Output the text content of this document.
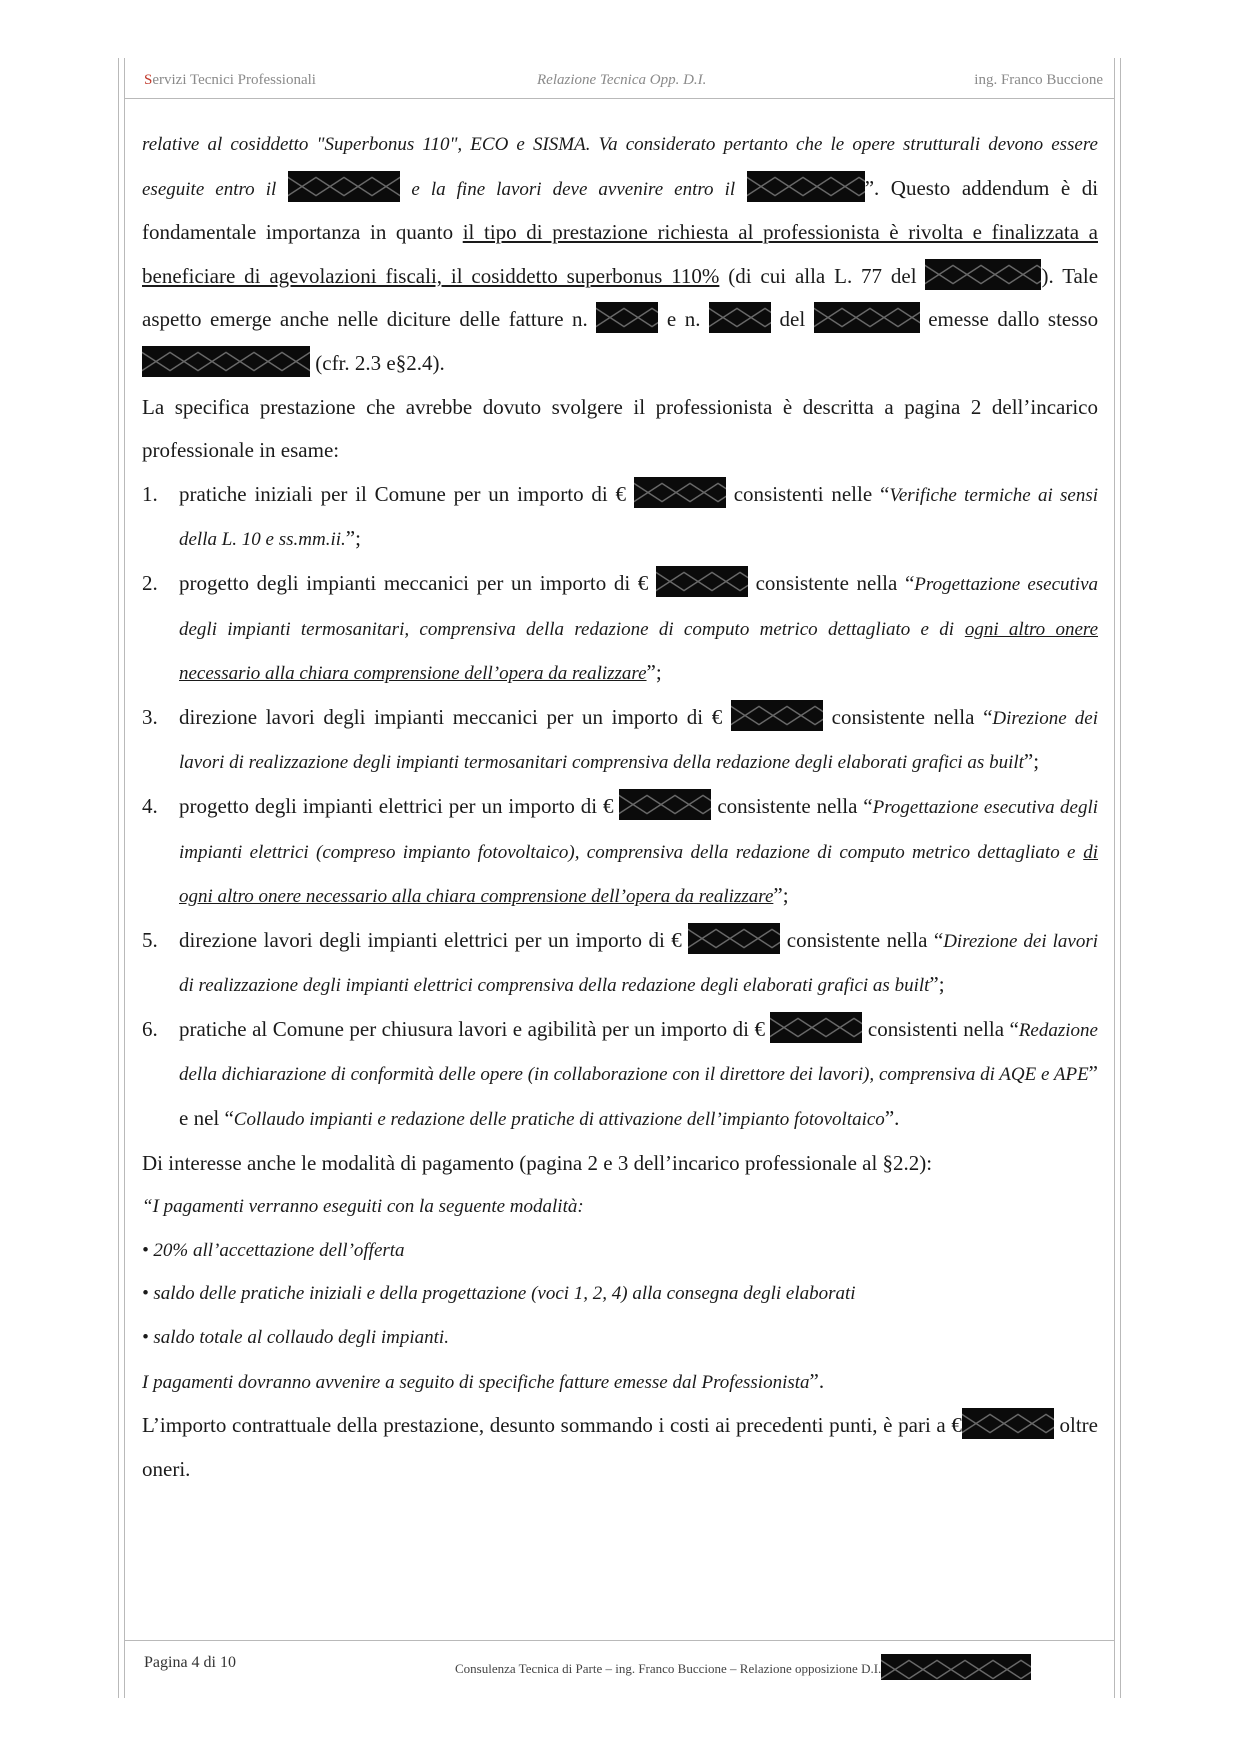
Servizi Tecnici Professionali	Relazione Tecnica Opp. D.I.	ing. Franco Buccione

relative al cosiddetto "Superbonus 110", ECO e SISMA. Va considerato pertanto che le opere strutturali devono essere eseguite entro il	e la fine lavori deve avvenire entro il	”. Questo addendum è di fondamentale importanza in quanto il tipo di prestazione richiesta al professionista è rivolta e finalizzata a beneficiare di agevolazioni fiscali, il cosiddetto superbonus 110% (di cui alla L. 77 del	). Tale aspetto emerge anche nelle diciture delle fatture n.	e n.	del	emesse dallo stesso  (cfr. 2.3 e§2.4).

La specifica prestazione che avrebbe dovuto svolgere il professionista è descritta a pagina 2 dell’incarico professionale in esame:

1. pratiche iniziali per il Comune per un importo di €	consistenti nelle “Verifiche termiche ai sensi della L. 10 e ss.mm.ii.”;
2. progetto degli impianti meccanici per un importo di €	consistente nella “Progettazione esecutiva degli impianti termosanitari, comprensiva della redazione di computo metrico dettagliato e di ogni altro onere necessario alla chiara comprensione dell’opera da realizzare”;
3. direzione lavori degli impianti meccanici per un importo di €	consistente nella “Direzione dei lavori di realizzazione degli impianti termosanitari comprensiva della redazione degli elaborati grafici as built”;
4. progetto degli impianti elettrici per un importo di €	consistente nella “Progettazione esecutiva degli impianti elettrici (compreso impianto fotovoltaico), comprensiva della redazione di computo metrico dettagliato e di ogni altro onere necessario alla chiara comprensione dell’opera da realizzare”;
5. direzione lavori degli impianti elettrici per un importo di €	consistente nella “Direzione dei lavori di realizzazione degli impianti elettrici comprensiva della redazione degli elaborati grafici as built”;
6. pratiche al Comune per chiusura lavori e agibilità per un importo di €	consistenti nella “Redazione della dichiarazione di conformità delle opere (in collaborazione con il direttore dei lavori), comprensiva di AQE e APE” e nel “Collaudo impianti e redazione delle pratiche di attivazione dell’impianto fotovoltaico”.

Di interesse anche le modalità di pagamento (pagina 2 e 3 dell’incarico professionale al §2.2):

“I pagamenti verranno eseguiti con la seguente modalità:

• 20% all’accettazione dell’offerta

• saldo delle pratiche iniziali e della progettazione (voci 1, 2, 4) alla consegna degli elaborati

• saldo totale al collaudo degli impianti.

I pagamenti dovranno avvenire a seguito di specifiche fatture emesse dal Professionista”.

L’importo contrattuale della prestazione, desunto sommando i costi ai precedenti punti, è pari a €	oltre oneri.

Pagina 4 di 10	Consulenza Tecnica di Parte – ing. Franco Buccione – Relazione opposizione D.I.
